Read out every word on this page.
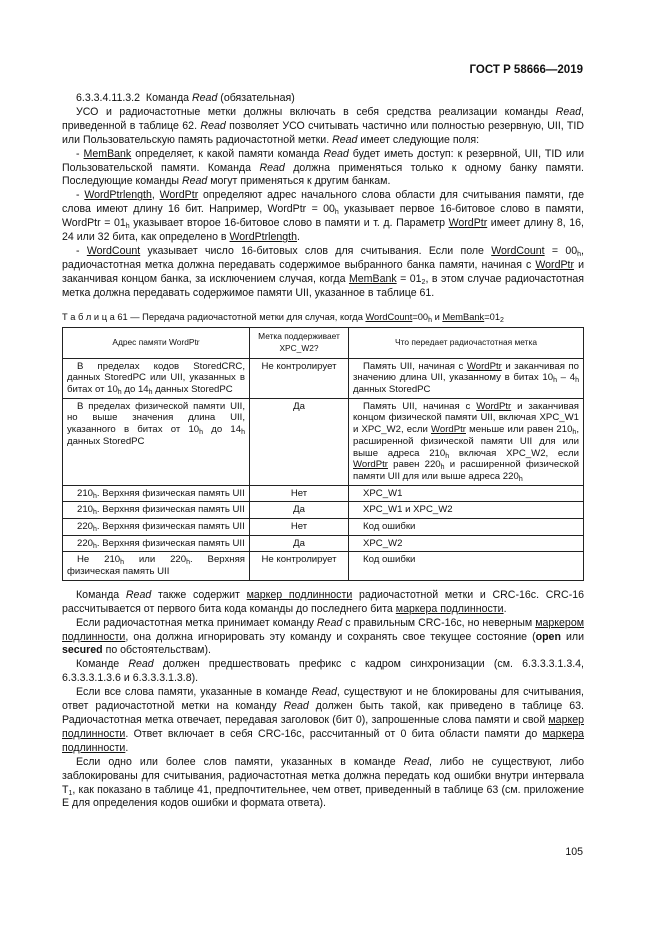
ГОСТ Р 58666—2019

6.3.3.4.11.3.2 Команда Read (обязательная)

УСО и радиочастотные метки должны включать в себя средства реализации команды Read, приведенной в таблице 62. Read позволяет УСО считывать частично или полностью резервную, UII, TID или Пользовательскую память радиочастотной метки. Read имеет следующие поля:

- MemBank определяет, к какой памяти команда Read будет иметь доступ: к резервной, UII, TID или Пользовательской памяти. Команда Read должна применяться только к одному банку памяти. Последующие команды Read могут применяться к другим банкам.

- WordPtrlength, WordPtr определяют адрес начального слова области для считывания памяти, где слова имеют длину 16 бит. Например, WordPtr = $00_h$ указывает первое 16-битовое слово в памяти, WordPtr = $01_h$ указывает второе 16-битовое слово в памяти и т. д. Параметр WordPtr имеет длину 8, 16, 24 или 32 бита, как определено в WordPtrlength.

- WordCount указывает число 16-битовых слов для считывания. Если поле WordCount = $00_h$, радиочастотная метка должна передавать содержимое выбранного банка памяти, начиная с WordPtr и заканчивая концом банка, за исключением случая, когда MemBank = $01_2$, в этом случае радиочастотная метка должна передавать содержимое памяти UII, указанное в таблице 61.

Т а б л и ц а 61 — Передача радиочастотной метки для случая, когда $WordCount=00_h$ и $MemBank=01_2$
Адрес памяти WordPtr	Метка поддерживает XPC_W2?	Что передает радиочастотная метка
В пределах кодов StoredCRC, данных StoredPC или UII, указанных в битах от $10_h$ до $14_h$ данных StoredPC	Не контролирует	Память UII, начиная с WordPtr и заканчивая по значению длина UII, указанному в битах $10_h - 4_h$ данных StoredPC
В пределах физической памяти UII, но выше значения длина UII, указанного в битах от $10_h$ до $14_h$ данных StoredPC	Да	Память UII, начиная с WordPtr и заканчивая концом физической памяти UII, включая XPC_W1 и XPC_W2, если WordPtr меньше или равен $210_h$, расширенной физической памяти UII для или выше адреса $210_h$ включая XPC_W2, если WordPtr равен $220_h$ и расширенной физической памяти UII для или выше адреса $220_h$
$210_h$. Верхняя физическая память UII	Нет	XPC_W1
$210_h$. Верхняя физическая память UII	Да	XPC_W1 и XPC_W2
$220_h$. Верхняя физическая память UII	Нет	Код ошибки
$220_h$. Верхняя физическая память UII	Да	XPC_W2
Не $210_h$ или $220_h$. Верхняя физическая память UII	Не контролирует	Код ошибки

Команда Read также содержит маркер подлинности радиочастотной метки и CRC-16c. CRC-16 рассчитывается от первого бита кода команды до последнего бита маркера подлинности.

Если радиочастотная метка принимает команду Read с правильным CRC-16c, но неверным маркером подлинности, она должна игнорировать эту команду и сохранять свое текущее состояние (open или secured по обстоятельствам).

Команде Read должен предшествовать префикс с кадром синхронизации (см. 6.3.3.3.1.3.4, 6.3.3.3.1.3.6 и 6.3.3.3.1.3.8).

Если все слова памяти, указанные в команде Read, существуют и не блокированы для считывания, ответ радиочастотной метки на команду Read должен быть такой, как приведено в таблице 63. Радиочастотная метка отвечает, передавая заголовок (бит 0), запрошенные слова памяти и свой маркер подлинности. Ответ включает в себя CRC-16c, рассчитанный от 0 бита области памяти до маркера подлинности.

Если одно или более слов памяти, указанных в команде Read, либо не существуют, либо заблокированы для считывания, радиочастотная метка должна передать код ошибки внутри интервала $T_1$, как показано в таблице 41, предпочтительнее, чем ответ, приведенный в таблице 63 (см. приложение Е для определения кодов ошибки и формата ответа).

105
